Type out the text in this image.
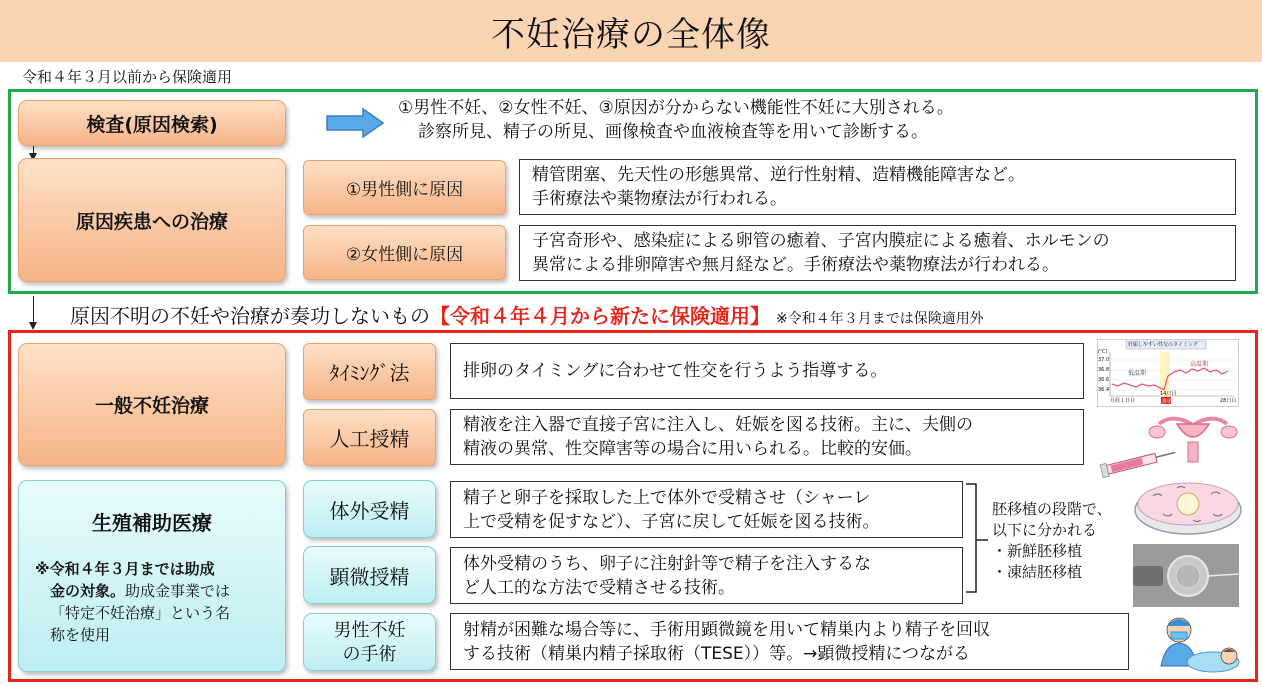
不妊治療の全体像
令和４年３月以前から保険適用
検査(原因検索)
①男性不妊、②女性不妊、③原因が分からない機能性不妊に大別される。
診察所見、精子の所見、画像検査や血液検査等を用いて診断する。
原因疾患への治療
①男性側に原因
精管閉塞、先天性の形態異常、逆行性射精、造精機能障害など。
手術療法や薬物療法が行われる。
②女性側に原因
子宮奇形や、感染症による卵管の癒着、子宮内膜症による癒着、ホルモンの
異常による排卵障害や無月経など。手術療法や薬物療法が行われる。
原因不明の不妊や治療が奏功しないもの 【令和４年４月から新たに保険適用】 ※令和４年３月までは保険適用外
一般不妊治療
ﾀｲﾐﾝｸﾞ法	排卵のタイミングに合わせて性交を行うよう指導する。
人工授精
精液を注入器で直接子宮に注入し、妊娠を図る技術。主に、夫側の
精液の異常、性交障害等の場合に用いられる。比較的安価。
生殖補助医療
※令和４年３月までは助成
金の対象。助成金事業では
「特定不妊治療」という名
称を使用
体外受精
精子と卵子を採取した上で体外で受精させ（シャーレ
上で受精を促すなど）、子宮に戻して妊娠を図る技術。
顕微授精
体外受精のうち、卵子に注射針等で精子を注入するな
ど人工的な方法で受精させる技術。
男性不妊
の手術
射精が困難な場合等に、手術用顕微鏡を用いて精巣内より精子を回収
する技術（精巣内精子採取術（TESE））等。→顕微授精につながる
胚移植の段階で、
以下に分かれる
・新鮮胚移植
・凍結胚移植
妊娠しやすい性交のタイミング
(℃)
37.0
36.8
36.6
36.4
低温期
高温期
月経１日目
14日目
28日目
排卵
